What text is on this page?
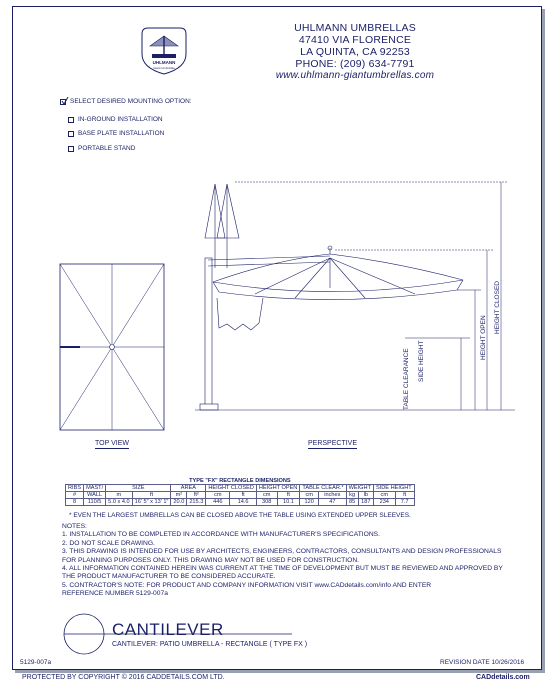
UHLMANN
Giant Umbrellas
UHLMANN UMBRELLAS
47410 VIA FLORENCE
LA QUINTA, CA 92253
PHONE: (209) 634-7791
www.uhlmann-giantumbrellas.com
SELECT DESIRED MOUNTING OPTION:
IN-GROUND INSTALLATION
BASE PLATE INSTALLATION
PORTABLE STAND
TOP VIEW
TABLE CLEARANCE SIDE HEIGHT
HEIGHT OPEN
HEIGHT CLOSED
PERSPECTIVE
TYPE "FX" RECTANGLE DIMENSIONS															
RIBS	MAST/	SIZE		AREA		HEIGHT CLOSED		HEIGHT OPEN		TABLE CLEAR.*		WEIGHT		SIDE HEIGHT	
#	WALL	m	ft	m²	ft²	cm	ft	cm	ft	cm	inches	kg	lb	cm	ft
8	110/5	5.0 x 4.0	16' 5" x 13' 1"	20.0	215.3	446	14.6	308	10.1	120	47	85	187	234	7.7
* EVEN THE LARGEST UMBRELLAS CAN BE CLOSED ABOVE THE TABLE USING EXTENDED UPPER SLEEVES.
NOTES:
1. INSTALLATION TO BE COMPLETED IN ACCORDANCE WITH MANUFACTURER'S SPECIFICATIONS.
2. DO NOT SCALE DRAWING.
3. THIS DRAWING IS INTENDED FOR USE BY ARCHITECTS, ENGINEERS, CONTRACTORS, CONSULTANTS AND DESIGN PROFESSIONALS
FOR PLANNING PURPOSES ONLY. THIS DRAWING MAY NOT BE USED FOR CONSTRUCTION.
4. ALL INFORMATION CONTAINED HEREIN WAS CURRENT AT THE TIME OF DEVELOPMENT BUT MUST BE REVIEWED AND APPROVED BY
THE PRODUCT MANUFACTURER TO BE CONSIDERED ACCURATE.
5. CONTRACTOR'S NOTE: FOR PRODUCT AND COMPANY INFORMATION VISIT www.CADdetails.com/info AND ENTER
REFERENCE NUMBER 5129-007a
CANTILEVER
CANTILEVER: PATIO UMBRELLA - RECTANGLE ( TYPE FX )
5129-007a	REVISION DATE 10/26/2016
PROTECTED BY COPYRIGHT © 2016 CADDETAILS.COM LTD.	CADdetails.com
